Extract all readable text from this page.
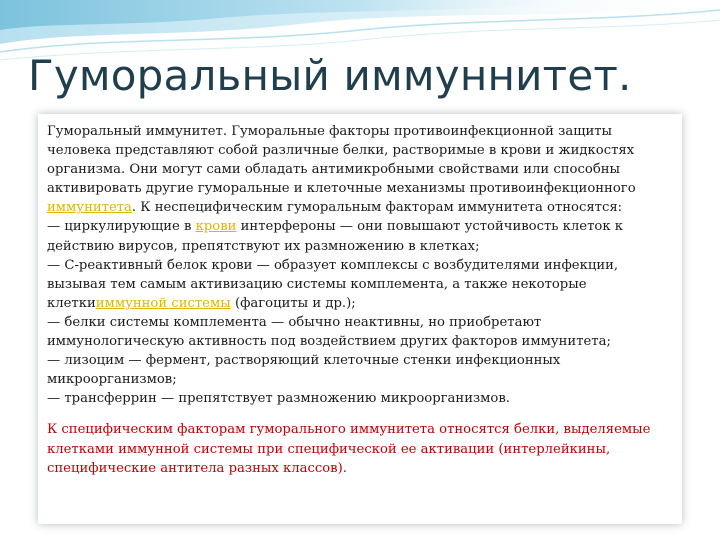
Гуморальный иммуннитет.

Гуморальный иммунитет. Гуморальные факторы противоинфекционной защиты человека представляют собой различные белки, растворимые в крови и жидкостях организма. Они могут сами обладать антимикробными свойствами или способны активировать другие гуморальные и клеточные механизмы противоинфекционного иммунитета. К неспецифическим гуморальным факторам иммунитета относятся:

— циркулирующие в крови интерфероны — они повышают устойчивость клеток к действию вирусов, препятствуют их размножению в клетках;

— C-реактивный белок крови — образует комплексы с возбудителями инфекции, вызывая тем самым активизацию системы комплемента, а также некоторые клеткииммунной системы (фагоциты и др.);

— белки системы комплемента — обычно неактивны, но приобретают иммунологическую активность под воздействием других факторов иммунитета;

— лизоцим — фермент, растворяющий клеточные стенки инфекционных микроорганизмов;

— трансферрин — препятствует размножению микроорганизмов.

К специфическим факторам гуморального иммунитета относятся белки, выделяемые клетками иммунной системы при специфической ее активации (интерлейкины, специфические антитела разных классов).
